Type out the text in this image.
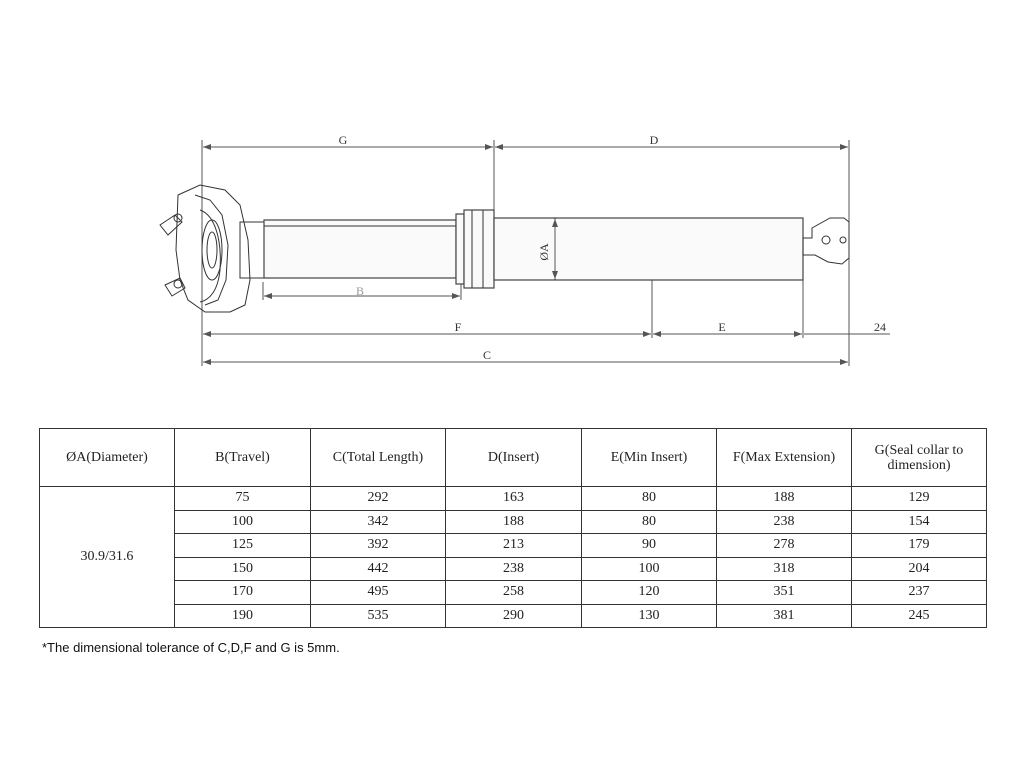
G	D
ØA
B
F	E	24
C
ØA(Diameter)	B(Travel)	C(Total Length)	D(Insert)	E(Min Insert)	F(Max Extension)	G(Seal collar to dimension)
30.9/31.6	75	292	163	80	188	129
	100	342	188	80	238	154
	125	392	213	90	278	179
	150	442	238	100	318	204
	170	495	258	120	351	237
	190	535	290	130	381	245
*The dimensional tolerance of C,D,F and G is 5mm.
